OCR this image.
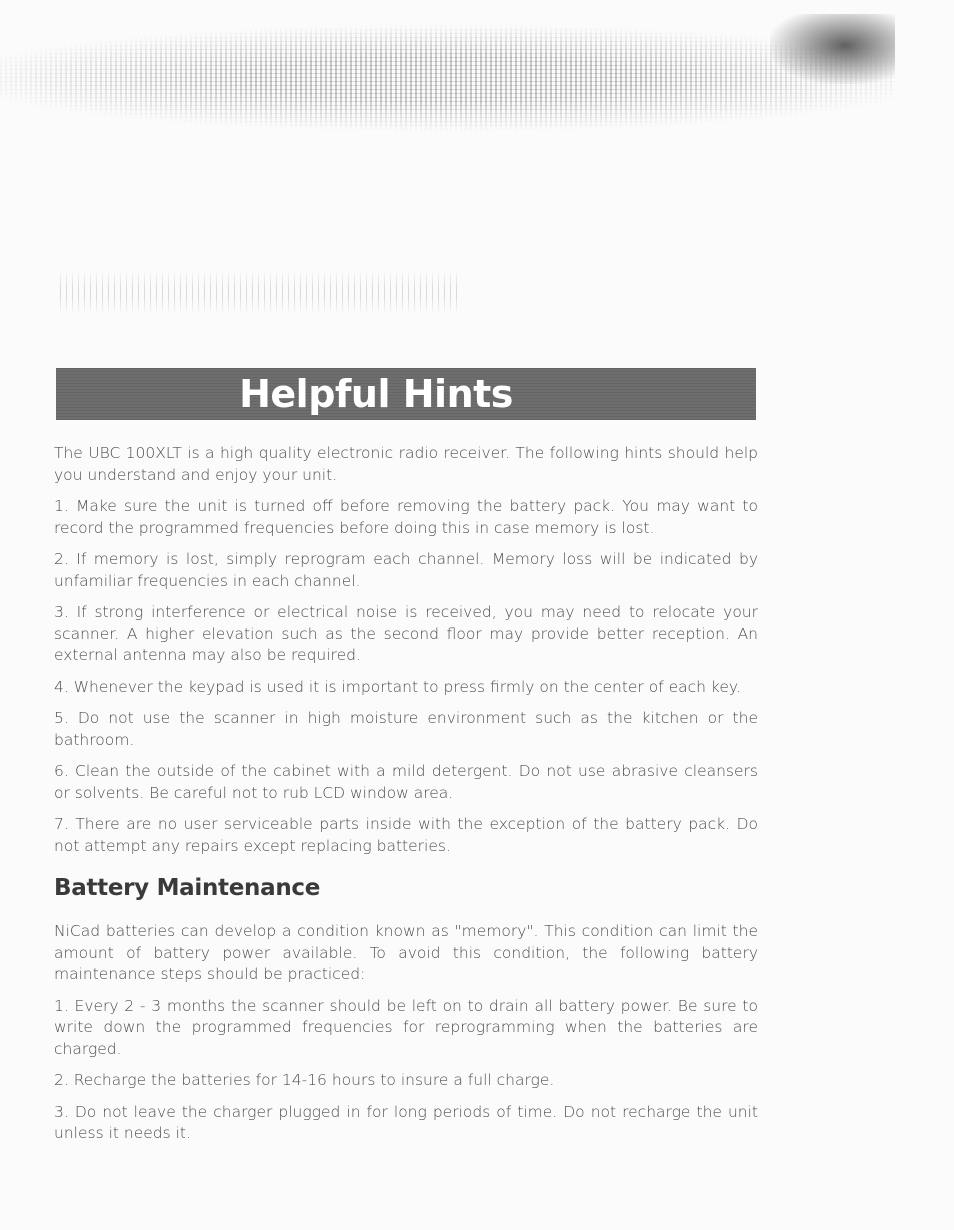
Helpful Hints

The UBC 100XLT is a high quality electronic radio receiver. The following hints should help you understand and enjoy your unit.

1. Make sure the unit is turned off before removing the battery pack. You may want to record the programmed frequencies before doing this in case memory is lost.

2. If memory is lost, simply reprogram each channel. Memory loss will be indicated by unfamiliar frequencies in each channel.

3. If strong interference or electrical noise is received, you may need to relocate your scanner. A higher elevation such as the second floor may provide better reception. An external antenna may also be required.

4. Whenever the keypad is used it is important to press firmly on the center of each key.

5. Do not use the scanner in high moisture environment such as the kitchen or the bathroom.

6. Clean the outside of the cabinet with a mild detergent. Do not use abrasive cleansers or solvents. Be careful not to rub LCD window area.

7. There are no user serviceable parts inside with the exception of the battery pack. Do not attempt any repairs except replacing batteries.

Battery Maintenance

NiCad batteries can develop a condition known as "memory". This condition can limit the amount of battery power available. To avoid this condition, the following battery maintenance steps should be practiced:

1. Every 2 - 3 months the scanner should be left on to drain all battery power. Be sure to write down the programmed frequencies for reprogramming when the batteries are charged.

2. Recharge the batteries for 14-16 hours to insure a full charge.

3. Do not leave the charger plugged in for long periods of time. Do not recharge the unit unless it needs it.
